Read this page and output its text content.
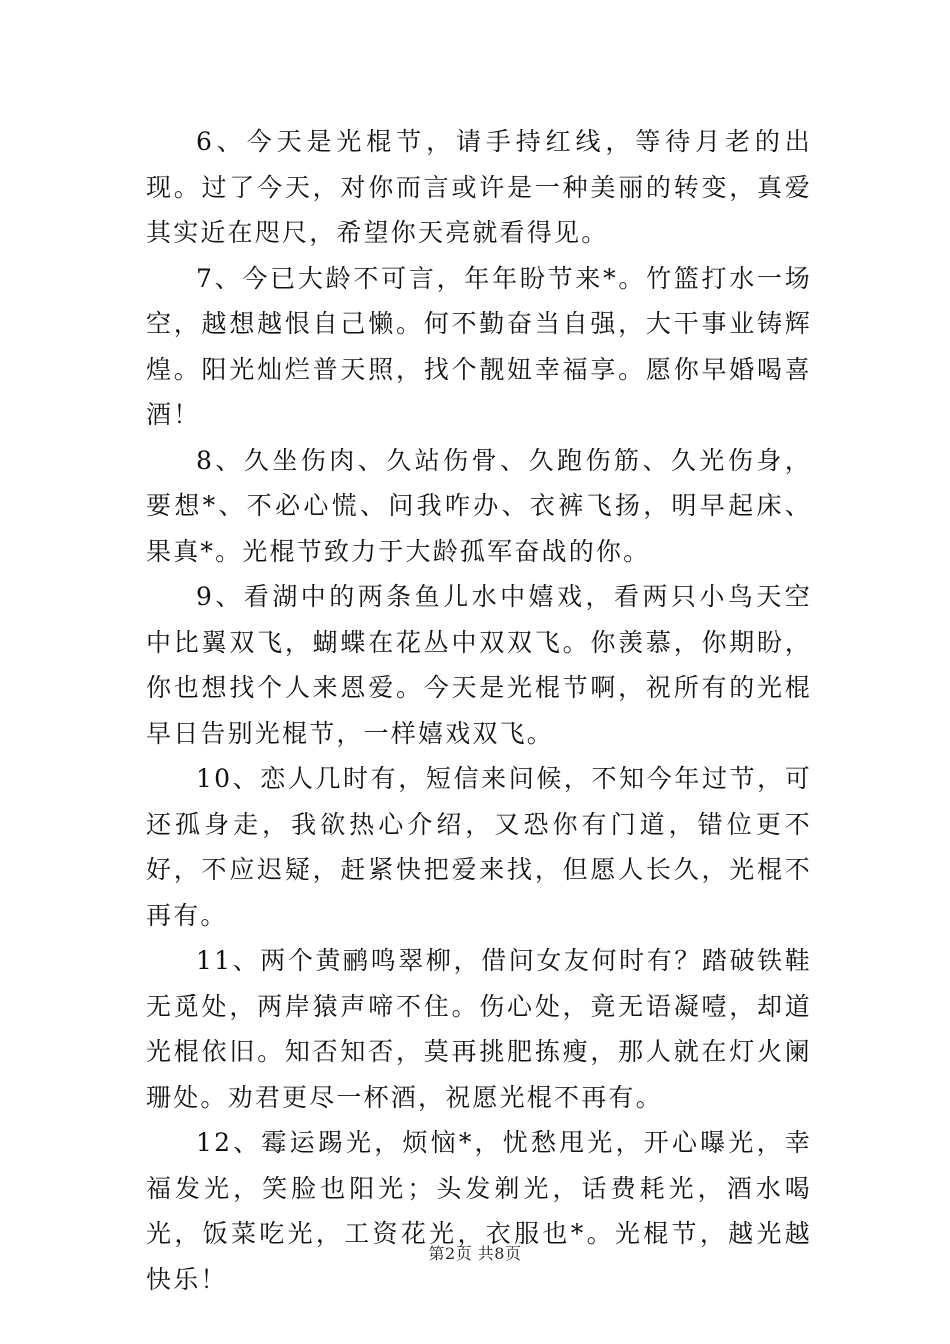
6、今天是光棍节，请手持红线，等待月老的出现。过了今天，对你而言或许是一种美丽的转变，真爱其实近在咫尺，希望你天亮就看得见。

7、今已大龄不可言，年年盼节来*。竹篮打水一场空，越想越恨自己懒。何不勤奋当自强，大干事业铸辉煌。阳光灿烂普天照，找个靓妞幸福享。愿你早婚喝喜酒！

8、久坐伤肉、久站伤骨、久跑伤筋、久光伤身，要想*、不必心慌、问我咋办、衣裤飞扬，明早起床、果真*。光棍节致力于大龄孤军奋战的你。

9、看湖中的两条鱼儿水中嬉戏，看两只小鸟天空中比翼双飞，蝴蝶在花丛中双双飞。你羡慕，你期盼，你也想找个人来恩爱。今天是光棍节啊，祝所有的光棍早日告别光棍节，一样嬉戏双飞。

10、恋人几时有，短信来问候，不知今年过节，可还孤身走，我欲热心介绍，又恐你有门道，错位更不好，不应迟疑，赶紧快把爱来找，但愿人长久，光棍不再有。

11、两个黄鹂鸣翠柳，借问女友何时有？踏破铁鞋无觅处，两岸猿声啼不住。伤心处，竟无语凝噎，却道光棍依旧。知否知否，莫再挑肥拣瘦，那人就在灯火阑珊处。劝君更尽一杯酒，祝愿光棍不再有。

12、霉运踢光，烦恼*，忧愁甩光，开心曝光，幸福发光，笑脸也阳光；头发剃光，话费耗光，酒水喝光，饭菜吃光，工资花光，衣服也*。光棍节，越光越快乐！

第2页 共8页
